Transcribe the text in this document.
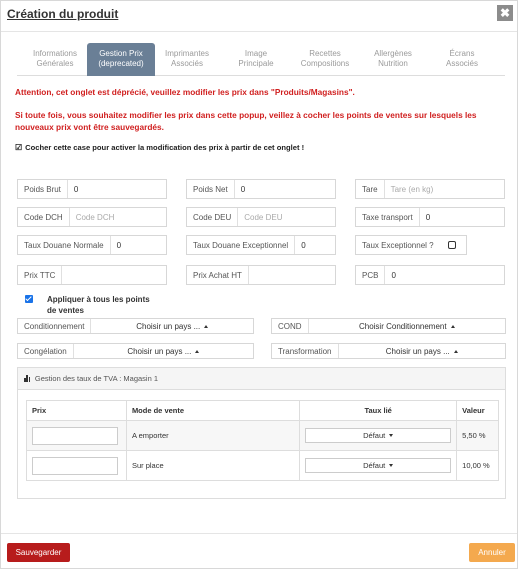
Création du produit	✖
Informations
Générales
Gestion Prix
(deprecated)
Imprimantes
Associés
Image
Principale
Recettes
Compositions
Allergènes
Nutrition
Écrans
Associés
Attention, cet onglet est déprécié, veuillez modifier les prix dans "Produits/Magasins".
Si toute fois, vous souhaitez modifier les prix dans cette popup, veillez à cocher les points de ventes sur lesquels les nouveaux prix vont être sauvegardés.
☑ Cocher cette case pour activer la modification des prix à partir de cet onglet !
Poids Brut	0	Poids Net	0	Tare	Tare (en kg)
Code DCH	Code DCH	Code DEU	Code DEU	Taxe transport	0
Taux Douane Normale	0	Taux Douane Exceptionnel	0	Taux Exceptionnel ?
Prix TTC	Prix Achat HT	PCB	0
Appliquer à tous les points de ventes
Conditionnement	Choisir un pays ...	COND	Choisir Conditionnement
Congélation	Choisir un pays ...	Transformation	Choisir un pays ...
Gestion des taux de TVA : Magasin 1
Prix	Mode de vente	Taux lié	Valeur

	A emporter	Défaut	5,50 %

	Sur place	Défaut	10,00 %
Sauvegarder	Annuler
